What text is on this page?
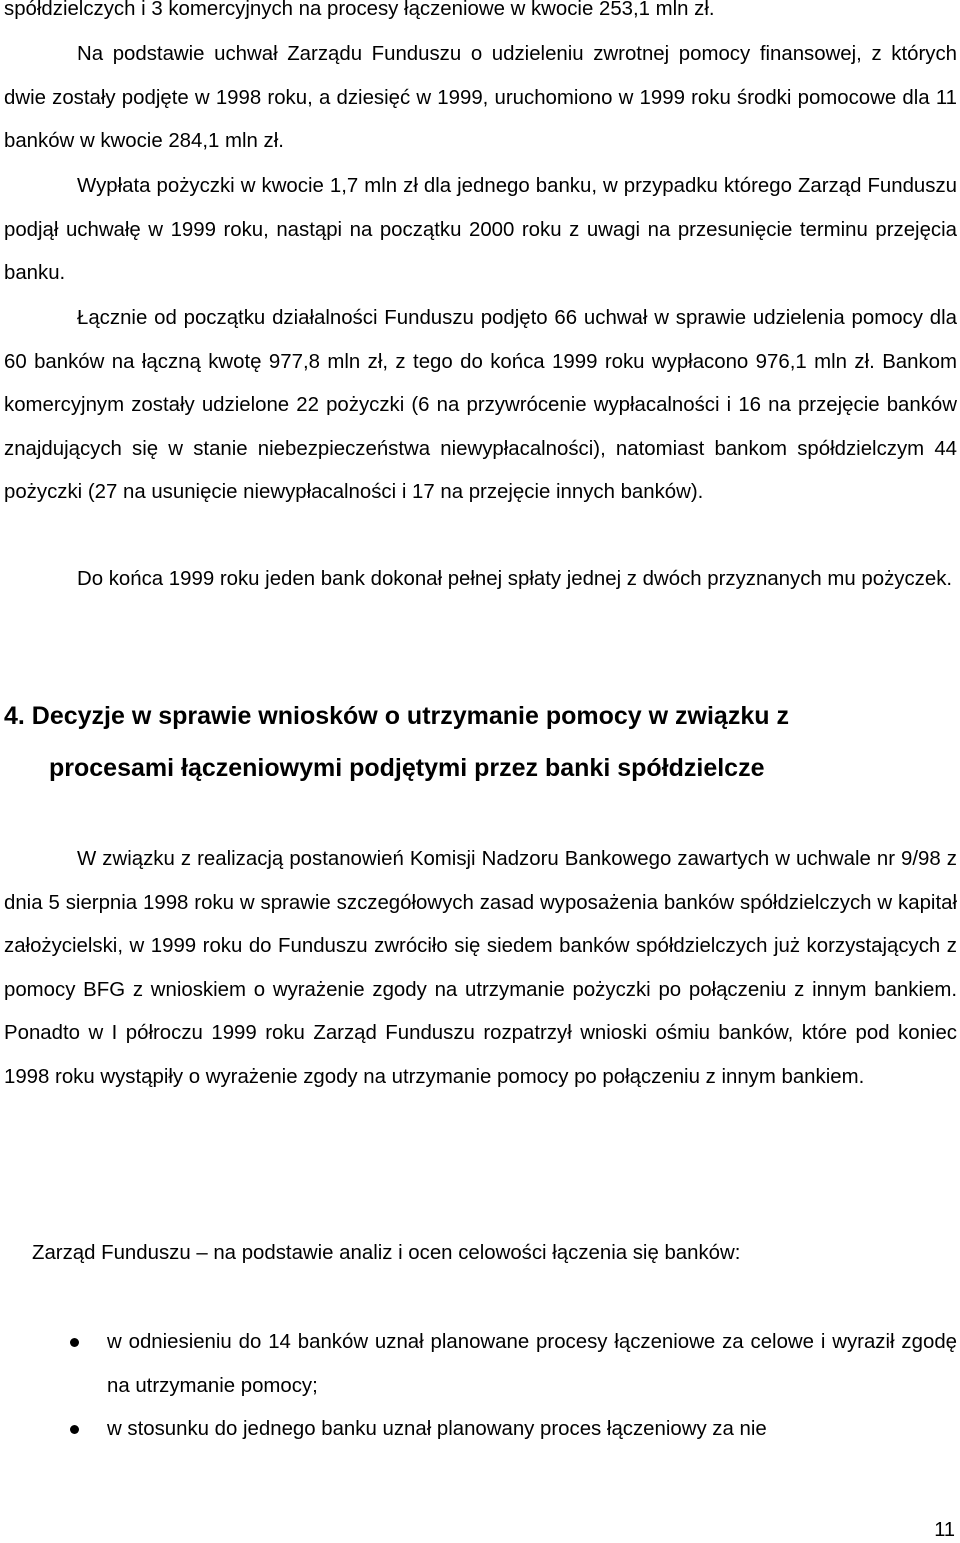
spółdzielczych i 3 komercyjnych na procesy łączeniowe w kwocie 253,1 mln zł.

Na podstawie uchwał Zarządu Funduszu o udzieleniu zwrotnej pomocy finansowej, z których dwie zostały podjęte w 1998 roku, a dziesięć w 1999, uruchomiono w 1999 roku środki pomocowe dla 11 banków w kwocie 284,1 mln zł.

Wypłata pożyczki w kwocie 1,7 mln zł dla jednego banku, w przypadku którego Zarząd Funduszu podjął uchwałę w 1999 roku, nastąpi na początku 2000 roku z uwagi na przesunięcie terminu przejęcia banku.

Łącznie od początku działalności Funduszu podjęto 66 uchwał w sprawie udzielenia pomocy dla 60 banków na łączną kwotę 977,8 mln zł, z tego do końca 1999 roku wypłacono 976,1 mln zł. Bankom komercyjnym zostały udzielone 22 pożyczki (6 na przywrócenie wypłacalności i 16 na przejęcie banków znajdujących się w stanie niebezpieczeństwa niewypłacalności), natomiast bankom spółdzielczym 44 pożyczki (27 na usunięcie niewypłacalności i 17 na przejęcie innych banków).

Do końca 1999 roku jeden bank dokonał pełnej spłaty jednej z dwóch przyznanych mu pożyczek.

4. Decyzje w sprawie wniosków o utrzymanie pomocy w związku z
procesami łączeniowymi podjętymi przez banki spółdzielcze

W związku z realizacją postanowień Komisji Nadzoru Bankowego zawartych w uchwale nr 9/98 z dnia 5 sierpnia 1998 roku w sprawie szczegółowych zasad wyposażenia banków spółdzielczych w kapitał założycielski, w 1999 roku do Funduszu zwróciło się siedem banków spółdzielczych już korzystających z pomocy BFG z wnioskiem o wyrażenie zgody na utrzymanie pożyczki po połączeniu z innym bankiem. Ponadto w I półroczu 1999 roku Zarząd Funduszu rozpatrzył wnioski ośmiu banków, które pod koniec 1998 roku wystąpiły o wyrażenie zgody na utrzymanie pomocy po połączeniu z innym bankiem.

Zarząd Funduszu – na podstawie analiz i ocen celowości łączenia się banków:

w odniesieniu do 14 banków uznał planowane procesy łączeniowe za celowe i wyraził zgodę na utrzymanie pomocy;
w stosunku do jednego banku uznał planowany proces łączeniowy za nie
11
